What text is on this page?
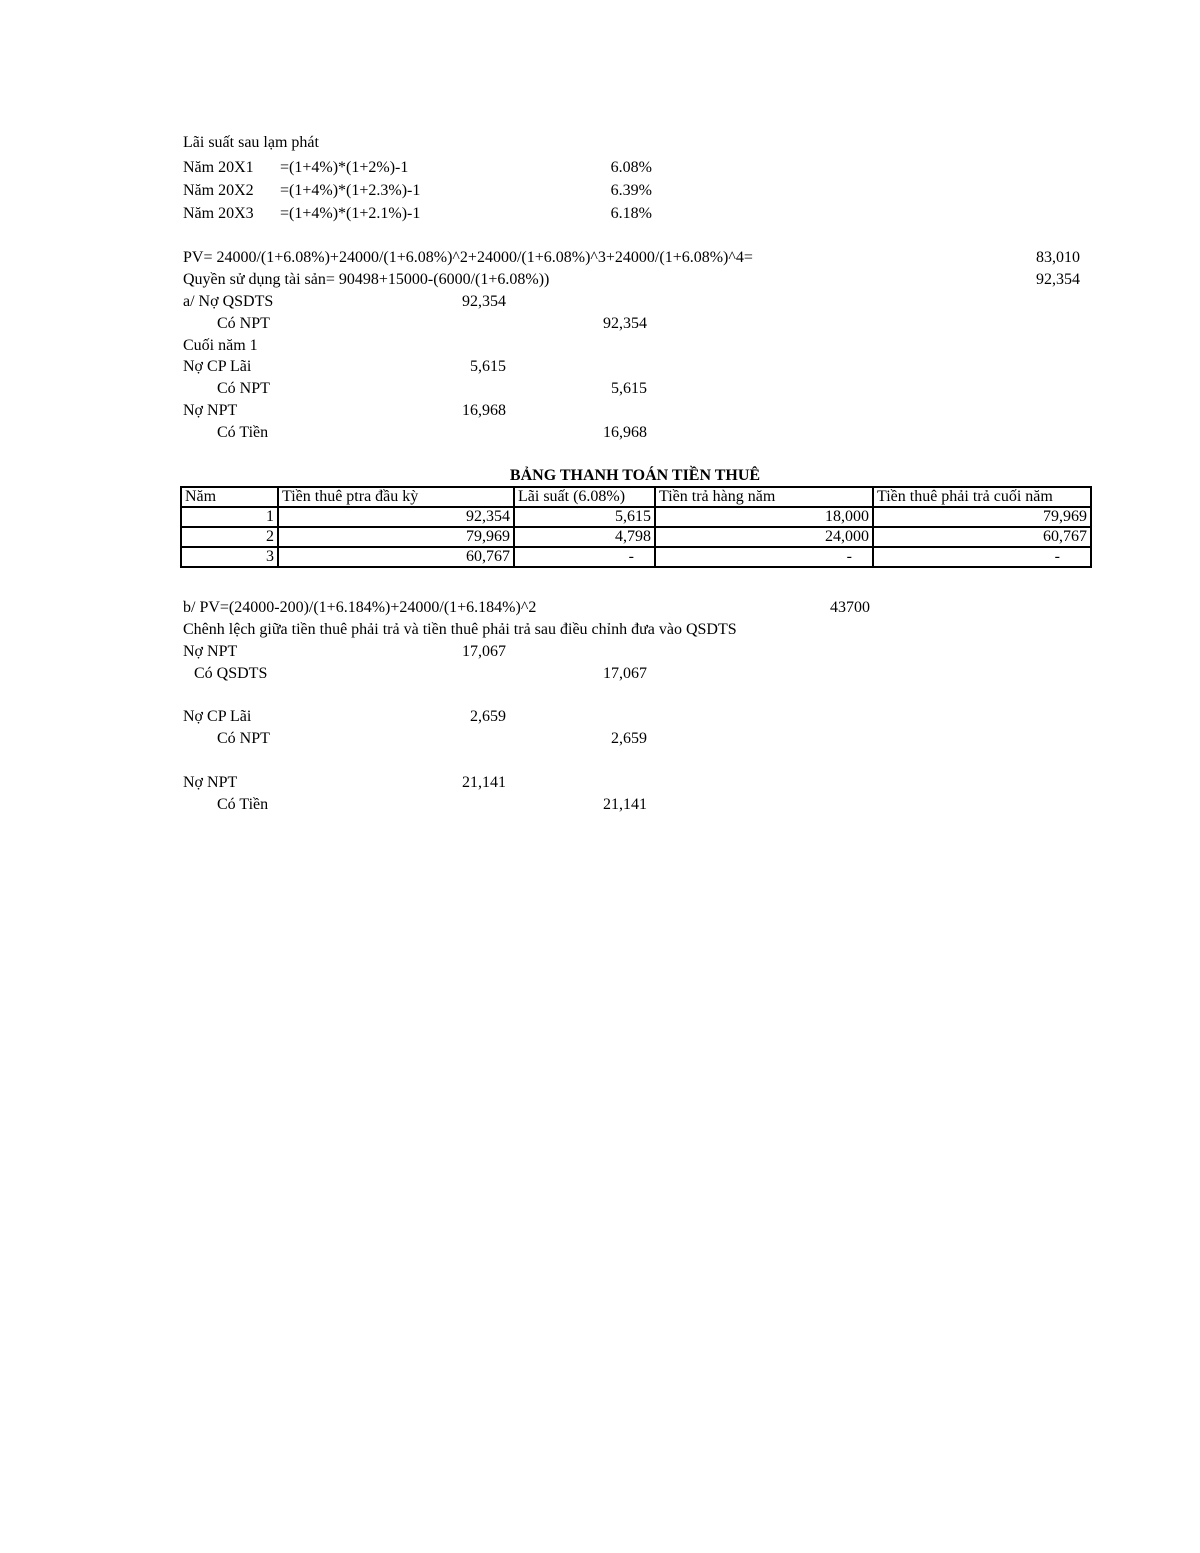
Lãi suất sau lạm phát
Năm 20X1 =(1+4%)*(1+2%)-1	6.08%
Năm 20X2 =(1+4%)*(1+2.3%)-1	6.39%
Năm 20X3 =(1+4%)*(1+2.1%)-1	6.18%
PV= 24000/(1+6.08%)+24000/(1+6.08%)^2+24000/(1+6.08%)^3+24000/(1+6.08%)^4=	83,010
Quyền sử dụng tài sản= 90498+15000-(6000/(1+6.08%))	92,354
a/ Nợ QSDTS	92,354
Có NPT	92,354
Cuối năm 1
Nợ CP Lãi	5,615
Có NPT	5,615
Nợ NPT	16,968
Có Tiền	16,968
BẢNG THANH TOÁN TIỀN THUÊ
Năm	Tiền thuê ptra đầu kỳ	Lãi suất (6.08%)	Tiền trả hàng năm	Tiền thuê phải trả cuối năm
1	92,354	5,615	18,000	79,969
2	79,969	4,798	24,000	60,767
3	60,767	-	-	-
b/ PV=(24000-200)/(1+6.184%)+24000/(1+6.184%)^2	43700
Chênh lệch giữa tiền thuê phải trả và tiền thuê phải trả sau điều chỉnh đưa vào QSDTS
Nợ NPT	17,067
Có QSDTS	17,067
Nợ CP Lãi	2,659
Có NPT	2,659
Nợ NPT	21,141
Có Tiền	21,141
